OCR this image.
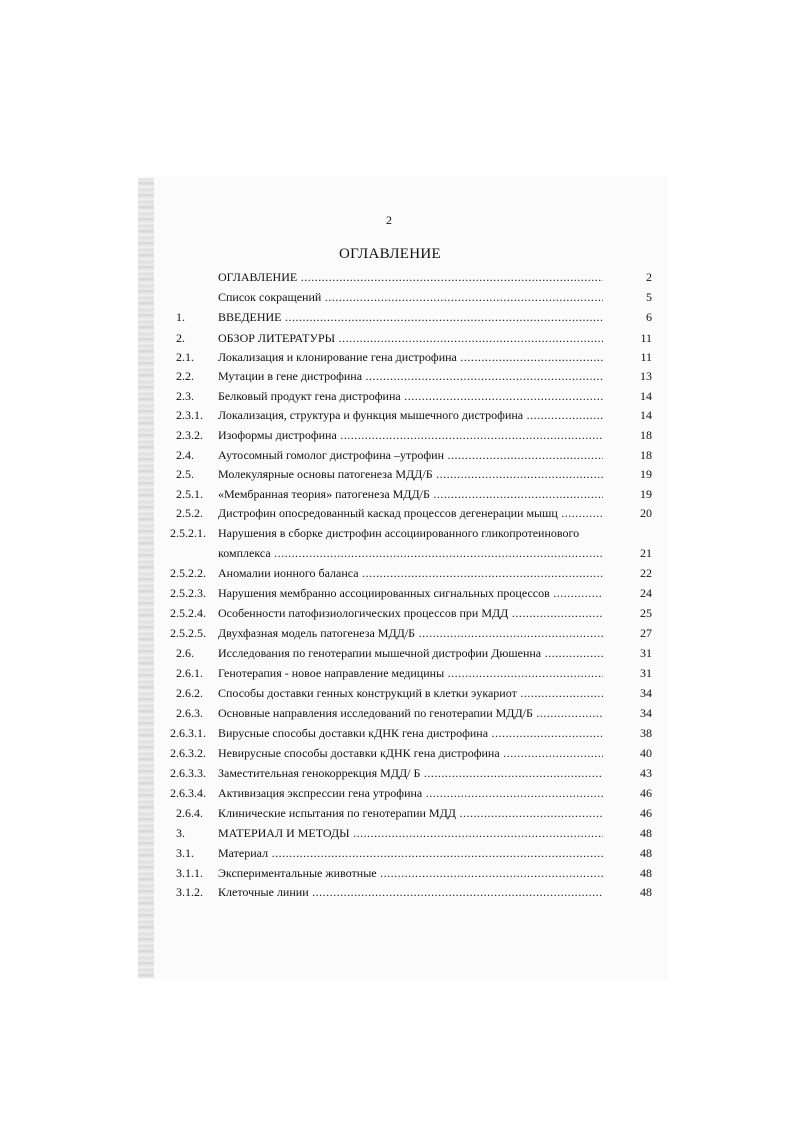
2
ОГЛАВЛЕНИЕ
ОГЛАВЛЕНИЕ .....	2
Список сокращений .....	5
1.	ВВЕДЕНИЕ .....	6
2.	ОБЗОР ЛИТЕРАТУРЫ .....	11
2.1. Локализация и клонирование гена дистрофина .....	11
2.2. Мутации в гене дистрофина .....	13
2.3. Белковый продукт гена дистрофина .....	14
2.3.1. Локализация, структура и функция мышечного дистрофина .....	14
2.3.2. Изоформы дистрофина .....	18
2.4. Аутосомный гомолог дистрофина –утрофин .....	18
2.5. Молекулярные основы патогенеза МДД/Б .....	19
2.5.1. «Мембранная теория» патогенеза МДД/Б .....	19
2.5.2. Дистрофин опосредованный каскад процессов дегенерации мышц .....	20
2.5.2.1. Нарушения в сборке дистрофин ассоциированного гликопротеинового
комплекса .....	21
2.5.2.2. Аномалии ионного баланса .....	22
2.5.2.3. Нарушения мембранно ассоциированных сигнальных процессов .....	24
2.5.2.4. Особенности патофизиологических процессов при МДД .....	25
2.5.2.5. Двухфазная модель патогенеза МДД/Б .....	27
2.6. Исследования по генотерапии мышечной дистрофии Дюшенна .....	31
2.6.1. Генотерапия - новое направление медицины .....	31
2.6.2. Способы доставки генных конструкций в клетки эукариот .....	34
2.6.3. Основные направления исследований по генотерапии МДД/Б .....	34
2.6.3.1. Вирусные способы доставки кДНК гена дистрофина .....	38
2.6.3.2. Невирусные способы доставки кДНК гена дистрофина .....	40
2.6.3.3. Заместительная генокоррекция МДД/ Б .....	43
2.6.3.4. Активизация экспрессии гена утрофина .....	46
2.6.4. Клинические испытания по генотерапии МДД .....	46
3.	МАТЕРИАЛ И МЕТОДЫ .....	48
3.1. Материал .....	48
3.1.1. Экспериментальные животные .....	48
3.1.2. Клеточные линии .....	48
